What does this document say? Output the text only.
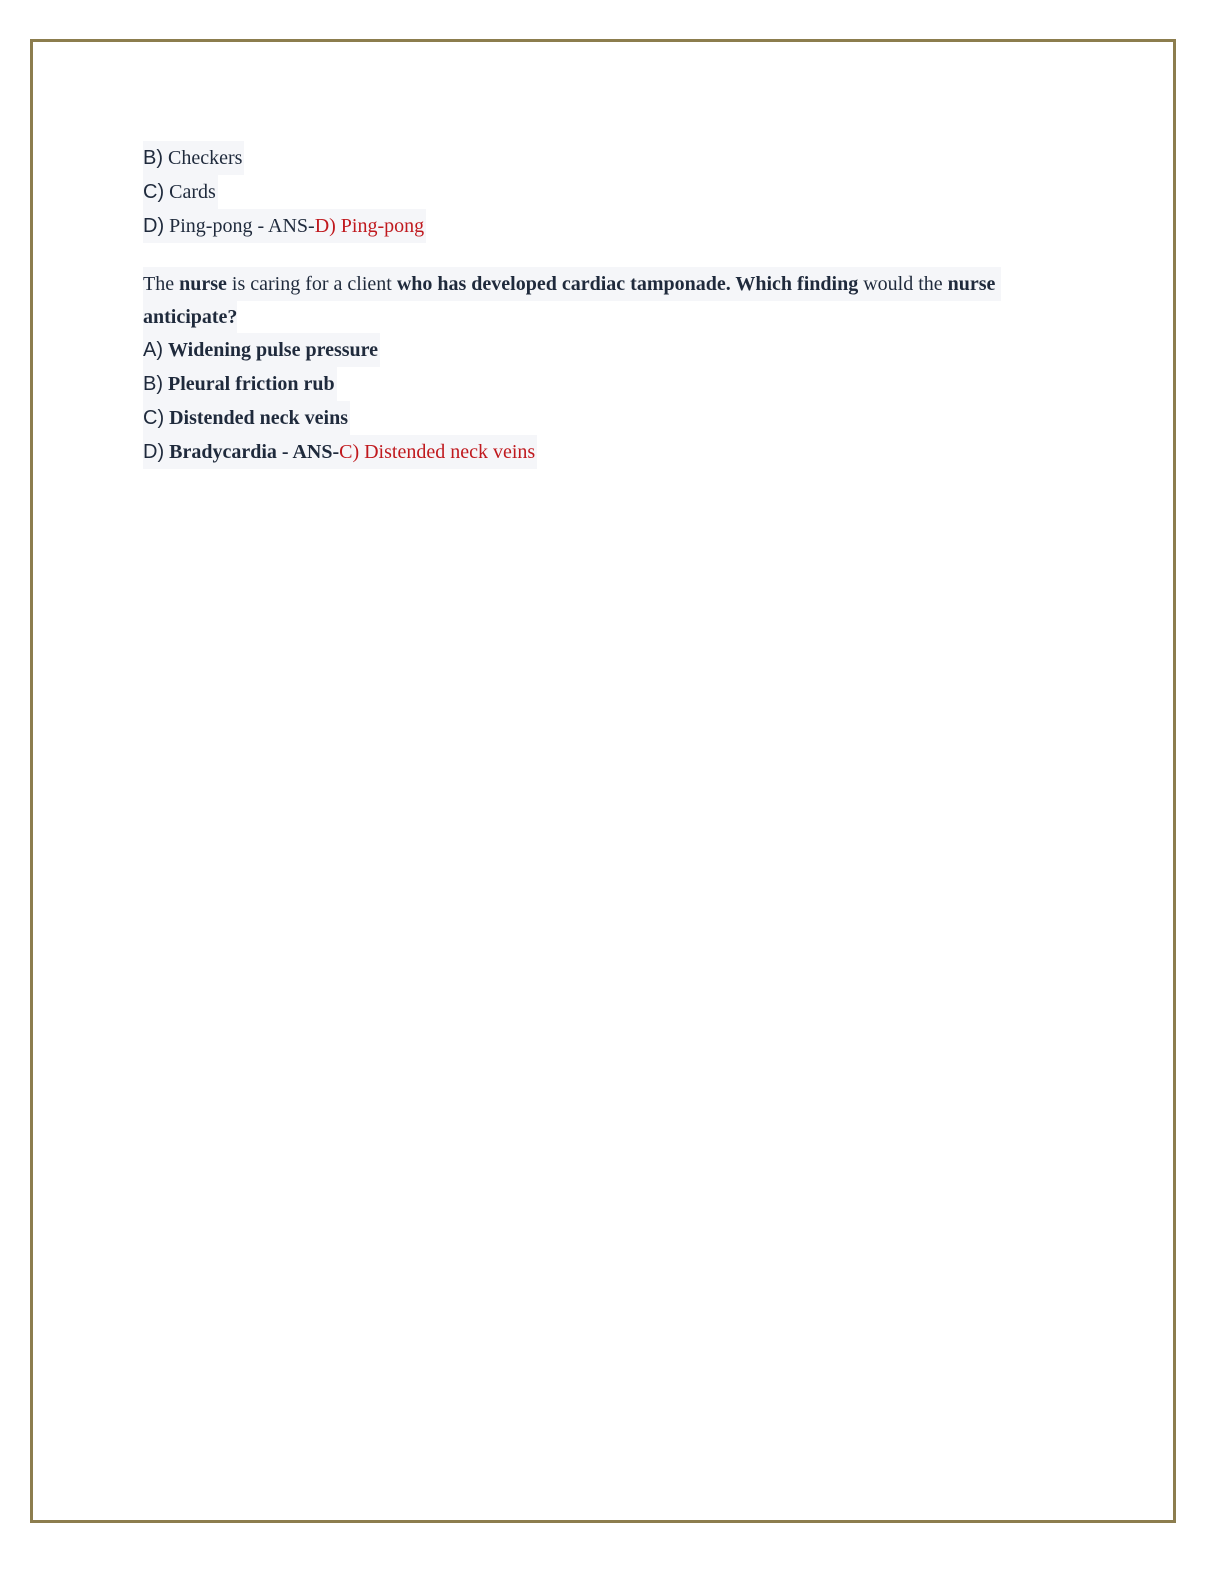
B) Checkers
C) Cards
D) Ping-pong - ANS-D) Ping-pong
The nurse is caring for a client who has developed cardiac tamponade. Which finding would the nurse
anticipate?
A) Widening pulse pressure
B) Pleural friction rub
C) Distended neck veins
D) Bradycardia - ANS-C) Distended neck veins
